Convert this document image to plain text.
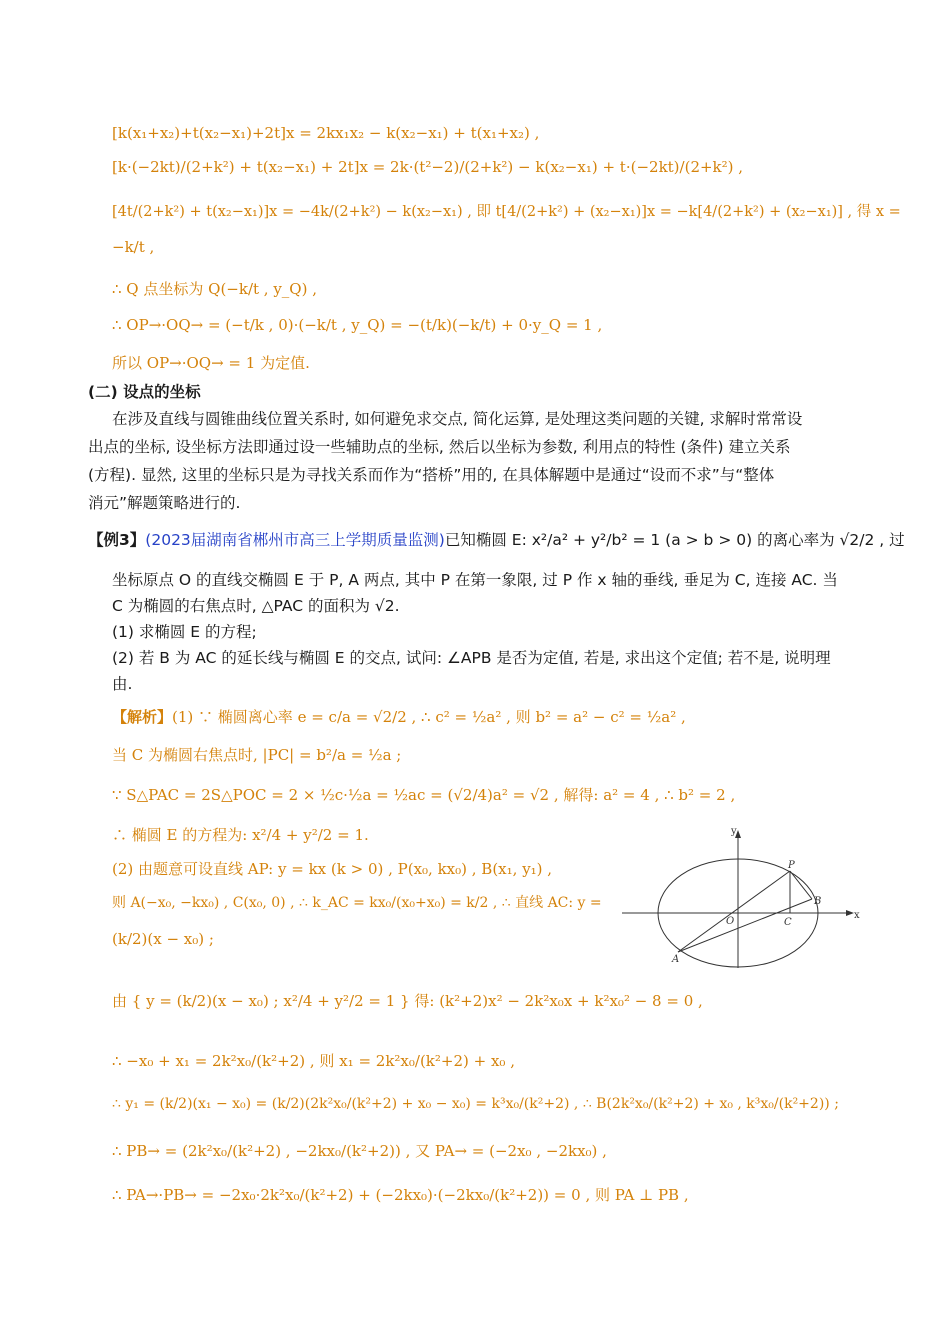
[k(x₁+x₂)+t(x₂−x₁)+2t]x = 2kx₁x₂ − k(x₂−x₁) + t(x₁+x₂) ,
[k·(−2kt)/(2+k²) + t(x₂−x₁) + 2t]x = 2k·(t²−2)/(2+k²) − k(x₂−x₁) + t·(−2kt)/(2+k²) ,
[4t/(2+k²) + t(x₂−x₁)]x = −4k/(2+k²) − k(x₂−x₁) , 即 t[4/(2+k²) + (x₂−x₁)]x = −k[4/(2+k²) + (x₂−x₁)] , 得 x =
−k/t ,
∴ Q 点坐标为 Q(−k/t , y_Q) ,
∴ OP→·OQ→ = (−t/k , 0)·(−k/t , y_Q) = −(t/k)(−k/t) + 0·y_Q = 1 ,
所以 OP→·OQ→ = 1 为定值.
(二) 设点的坐标
在涉及直线与圆锥曲线位置关系时, 如何避免求交点, 简化运算, 是处理这类问题的关键, 求解时常常设
出点的坐标, 设坐标方法即通过设一些辅助点的坐标, 然后以坐标为参数, 利用点的特性 (条件) 建立关系
(方程). 显然, 这里的坐标只是为寻找关系而作为“搭桥”用的, 在具体解题中是通过“设而不求”与“整体
消元”解题策略进行的.
【例3】(2023届湖南省郴州市高三上学期质量监测)已知椭圆 E: x²/a² + y²/b² = 1 (a > b > 0) 的离心率为 √2/2 , 过
坐标原点 O 的直线交椭圆 E 于 P, A 两点, 其中 P 在第一象限, 过 P 作 x 轴的垂线, 垂足为 C, 连接 AC. 当
C 为椭圆的右焦点时, △PAC 的面积为 √2.
(1) 求椭圆 E 的方程;
(2) 若 B 为 AC 的延长线与椭圆 E 的交点, 试问: ∠APB 是否为定值, 若是, 求出这个定值; 若不是, 说明理
由.
【解析】(1) ∵ 椭圆离心率 e = c/a = √2/2 , ∴ c² = ½a² , 则 b² = a² − c² = ½a² ,
当 C 为椭圆右焦点时, |PC| = b²/a = ½a ;
∵ S△PAC = 2S△POC = 2 × ½c·½a = ½ac = (√2/4)a² = √2 , 解得: a² = 4 , ∴ b² = 2 ,
∴ 椭圆 E 的方程为: x²/4 + y²/2 = 1.
(2) 由题意可设直线 AP: y = kx (k > 0) , P(x₀, kx₀) , B(x₁, y₁) ,
则 A(−x₀, −kx₀) , C(x₀, 0) , ∴ k_AC = kx₀/(x₀+x₀) = k/2 , ∴ 直线 AC: y =
(k/2)(x − x₀) ;
由 { y = (k/2)(x − x₀) ; x²/4 + y²/2 = 1 } 得: (k²+2)x² − 2k²x₀x + k²x₀² − 8 = 0 ,
∴ −x₀ + x₁ = 2k²x₀/(k²+2) , 则 x₁ = 2k²x₀/(k²+2) + x₀ ,
∴ y₁ = (k/2)(x₁ − x₀) = (k/2)(2k²x₀/(k²+2) + x₀ − x₀) = k³x₀/(k²+2) , ∴ B(2k²x₀/(k²+2) + x₀ , k³x₀/(k²+2)) ;
∴ PB→ = (2k²x₀/(k²+2) , −2kx₀/(k²+2)) , 又 PA→ = (−2x₀ , −2kx₀) ,
∴ PA→·PB→ = −2x₀·2k²x₀/(k²+2) + (−2kx₀)·(−2kx₀/(k²+2)) = 0 , 则 PA ⊥ PB ,
y
x
O
P
B
C
A
